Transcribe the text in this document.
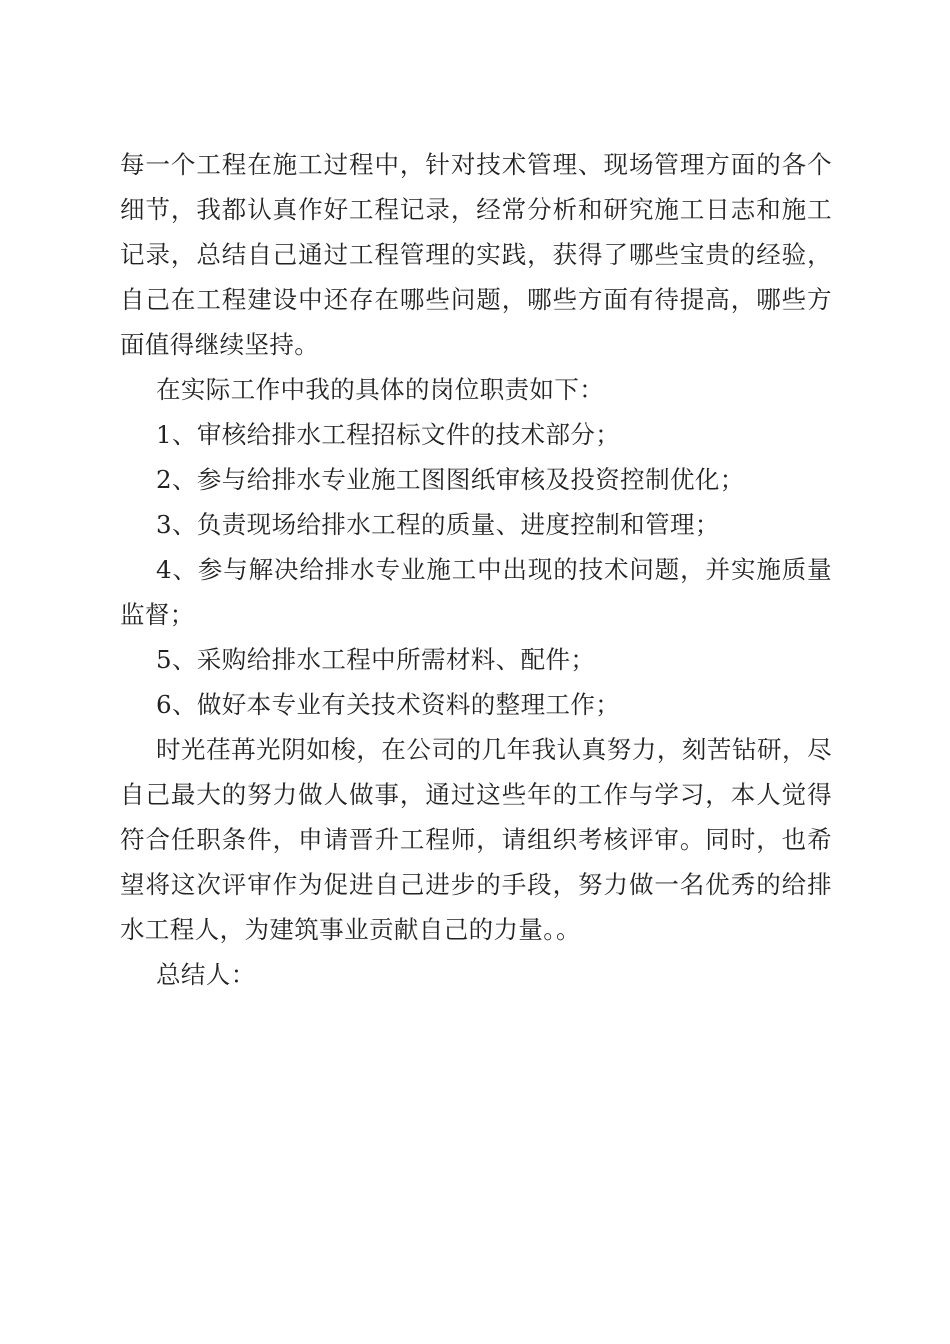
每一个工程在施工过程中，针对技术管理、现场管理方面的各个细节，我都认真作好工程记录，经常分析和研究施工日志和施工记录，总结自己通过工程管理的实践，获得了哪些宝贵的经验，自己在工程建设中还存在哪些问题，哪些方面有待提高，哪些方面值得继续坚持。

在实际工作中我的具体的岗位职责如下：

1、审核给排水工程招标文件的技术部分；

2、参与给排水专业施工图图纸审核及投资控制优化；

3、负责现场给排水工程的质量、进度控制和管理；

4、参与解决给排水专业施工中出现的技术问题，并实施质量监督；

5、采购给排水工程中所需材料、配件；

6、做好本专业有关技术资料的整理工作；

时光荏苒光阴如梭，在公司的几年我认真努力，刻苦钻研，尽自己最大的努力做人做事，通过这些年的工作与学习，本人觉得符合任职条件，申请晋升工程师，请组织考核评审。同时，也希望将这次评审作为促进自己进步的手段，努力做一名优秀的给排水工程人，为建筑事业贡献自己的力量。。

总结人：
